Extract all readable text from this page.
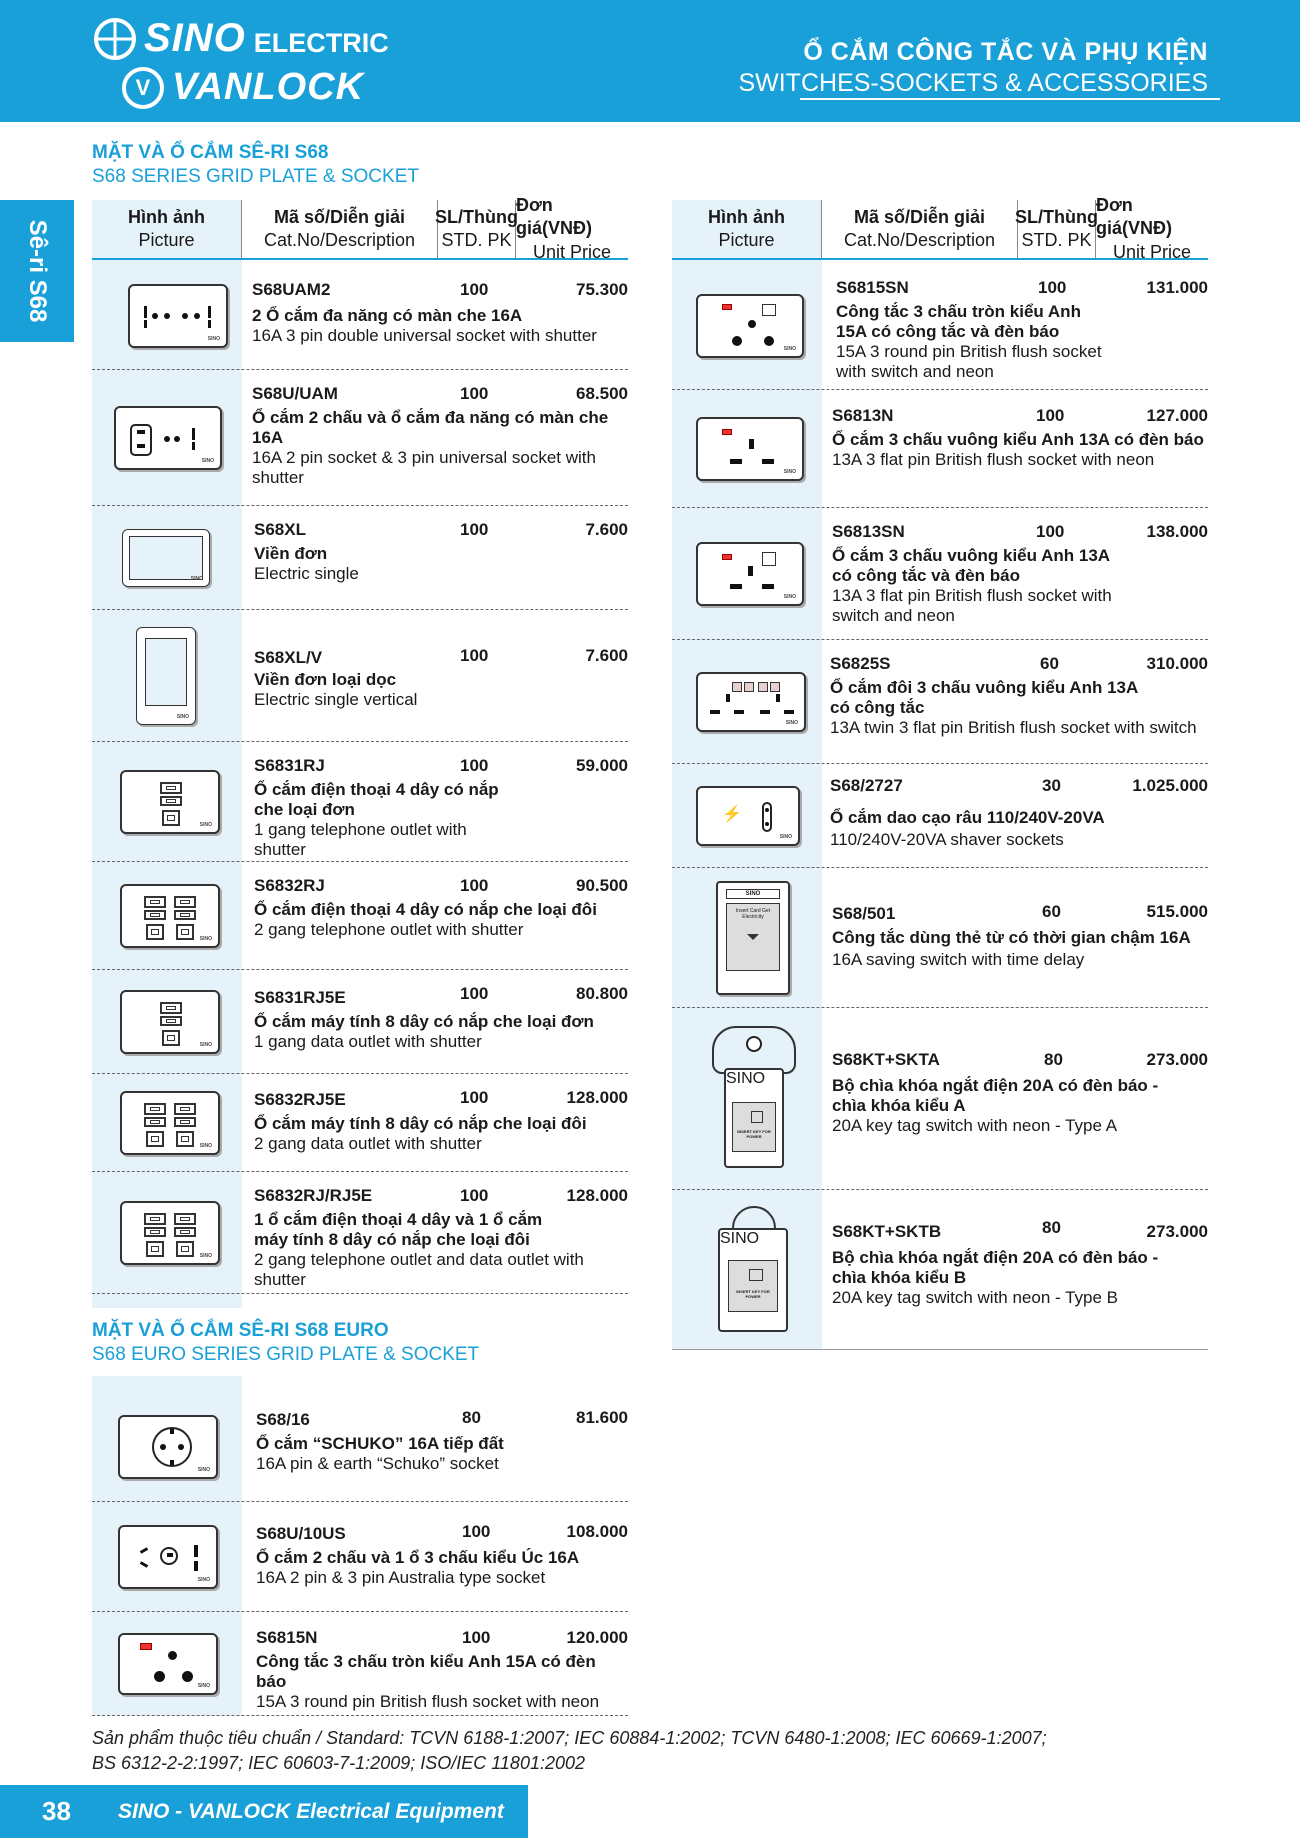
SINO ELECTRIC
V VANLOCK
Ổ CẮM CÔNG TẮC VÀ PHỤ KIỆN
SWITCHES-SOCKETS & ACCESSORIES
Sê-ri S68
MẶT VÀ Ổ CẮM SÊ-RI S68
S68 SERIES GRID PLATE & SOCKET
Hình ảnh
Picture
Mã số/Diễn giải
Cat.No/Description
SL/Thùng
STD. PK
Đơn giá(VNĐ)
Unit Price
Hình ảnh
Picture
Mã số/Diễn giải
Cat.No/Description
SL/Thùng
STD. PK
Đơn giá(VNĐ)
Unit Price
SINO
S68UAM2	100	75.300
2 Ổ cắm đa năng có màn che 16A
16A 3 pin double universal socket with shutter
SINO
S68U/UAM	100	68.500
Ổ cắm 2 chấu và ổ cắm đa năng có màn che 16A
16A 2 pin socket & 3 pin universal socket with shutter
SINO
S68XL	100	7.600
Viền đơn
Electric single
SINO
S68XL/V	100	7.600
Viền đơn loại dọc
Electric single vertical
SINO
S6831RJ	100	59.000
Ổ cắm điện thoại 4 dây có nắp che loại đơn
1 gang telephone outlet with shutter
SINO
S6832RJ	100	90.500
Ổ cắm điện thoại 4 dây có nắp che loại đôi
2 gang telephone outlet with shutter
SINO
S6831RJ5E	100	80.800
Ổ cắm máy tính 8 dây có nắp che loại đơn
1 gang data outlet with shutter
SINO
S6832RJ5E	100	128.000
Ổ cắm máy tính 8 dây có nắp che loại đôi
2 gang data outlet with shutter
SINO
S6832RJ/RJ5E	100	128.000
1 ổ cắm điện thoại 4 dây và 1 ổ cắm máy tính 8 dây có nắp che loại đôi
2 gang telephone outlet and data outlet with shutter
MẶT VÀ Ổ CẮM SÊ-RI S68 EURO
S68 EURO SERIES GRID PLATE & SOCKET
SINO
S68/16	80	81.600
Ổ cắm “SCHUKO” 16A tiếp đất
16A pin & earth “Schuko” socket
SINO
S68U/10US	100	108.000
Ổ cắm 2 chấu và 1 ổ 3 chấu kiểu Úc 16A
16A 2 pin & 3 pin Australia type socket
SINO
S6815N	100	120.000
Công tắc 3 chấu tròn kiểu Anh 15A có đèn báo
15A 3 round pin British flush socket with neon
SINO
S6815SN	100	131.000
Công tắc 3 chấu tròn kiểu Anh 15A có công tắc và đèn báo
15A 3 round pin British flush socket with switch and neon
SINO
S6813N	100	127.000
Ổ cắm 3 chấu vuông kiểu Anh 13A có đèn báo
13A 3 flat pin British flush socket with neon
SINO
S6813SN	100	138.000
Ổ cắm 3 chấu vuông kiểu Anh 13A có công tắc và đèn báo
13A 3 flat pin British flush socket with switch and neon
SINO
S6825S	60	310.000
Ổ cắm đôi 3 chấu vuông kiểu Anh 13A có công tắc
13A twin 3 flat pin British flush socket with switch
⚡
SINO
S68/2727	30	1.025.000
Ổ cắm dao cạo râu 110/240V-20VA
110/240V-20VA shaver sockets
SINO
Insert Card Get Electricity	S68/501	60	515.000
Công tắc dùng thẻ từ có thời gian chậm 16A
16A saving switch with time delay
INSERT KEY FOR POWER
SINO
S68KT+SKTA	80	273.000
Bộ chìa khóa ngắt điện 20A có đèn báo - chìa khóa kiểu A
20A key tag switch with neon - Type A
INSERT KEY FOR POWER
SINO	S68KT+SKTB	80	273.000
Bộ chìa khóa ngắt điện 20A có đèn báo - chìa khóa kiểu B
20A key tag switch with neon - Type B
Sản phẩm thuộc tiêu chuẩn / Standard: TCVN 6188-1:2007; IEC 60884-1:2002; TCVN 6480-1:2008; IEC 60669-1:2007;
BS 6312-2-2:1997; IEC 60603-7-1:2009; ISO/IEC 11801:2002
38	SINO - VANLOCK Electrical Equipment
